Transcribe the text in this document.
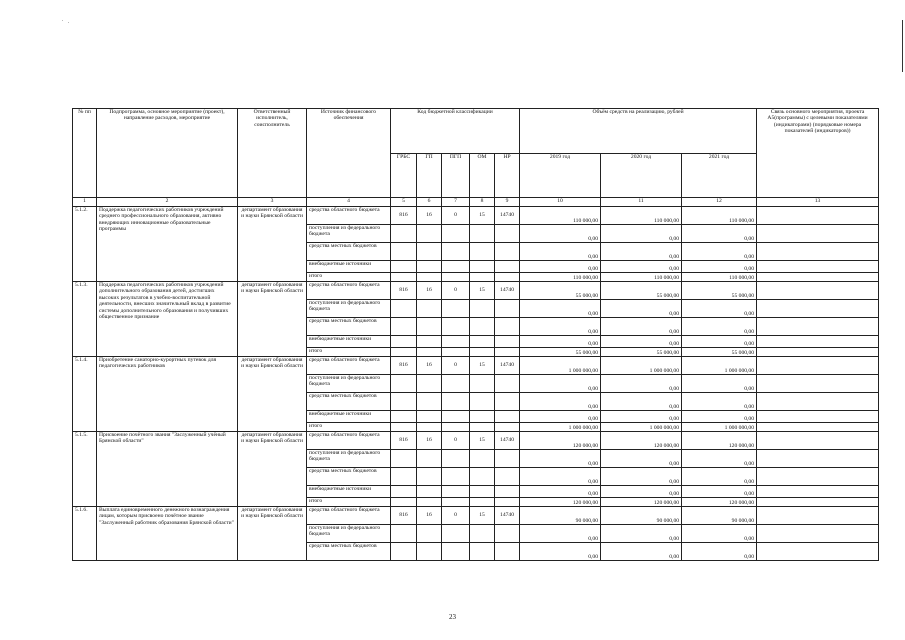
№ пп	Подпрограмма, основное мероприятие (проект), направление расходов, мероприятие	Ответственный исполнитель, соисполнитель	Источник финансового обеспечения	Код бюджетной классификации					Объём средств на реализацию, рублей			Связь основного мероприятия, проекта А5(программы) с целевыми показателями (индикаторами) (порядковые номера показателей (индикаторов))
				ГРБС	ГП	ПГП	ОМ	НР	2019 год	2020 год	2021 год	
1	2	3	4	5	6	7	8	9	10	11	12	13
5.1.2.	Поддержка педагогических работников учреждений среднего профессионального образования, активно внедряющих инновационные образовательные программы	департамент образования и науки Брянской области	средства областного бюджета	816	16	0	15	14740	110 000,00	110 000,00	110 000,00	
			поступления из федерального бюджета						0,00	0,00	0,00	
			средства местных бюджетов						0,00	0,00	0,00	
			внебюджетные источники						0,00	0,00	0,00	
			итого						110 000,00	110 000,00	110 000,00	
5.1.3.	Поддержка педагогических работников учреждений дополнительного образования детей, достигших высоких результатов в учебно-воспитательной деятельности, внесших значительный вклад в развитие системы дополнительного образования и получивших общественное признание	департамент образования и науки Брянской области	средства областного бюджета	816	16	0	15	14740	55 000,00	55 000,00	55 000,00	
			поступления из федерального бюджета						0,00	0,00	0,00	
			средства местных бюджетов						0,00	0,00	0,00	
			внебюджетные источники						0,00	0,00	0,00	
			итого						55 000,00	55 000,00	55 000,00	
5.1.4.	Приобретение санаторно-курортных путевок для педагогических работников	департамент образования и науки Брянской области	средства областного бюджета	816	16	0	15	14740	1 000 000,00	1 000 000,00	1 000 000,00	
			поступления из федерального бюджета						0,00	0,00	0,00	
			средства местных бюджетов						0,00	0,00	0,00	
			внебюджетные источники						0,00	0,00	0,00	
			итого						1 000 000,00	1 000 000,00	1 000 000,00	
5.1.5.	Присвоение почётного звания "Заслуженный учёный Брянской области"	департамент образования и науки Брянской области	средства областного бюджета	816	16	0	15	14740	120 000,00	120 000,00	120 000,00	
			поступления из федерального бюджета						0,00	0,00	0,00	
			средства местных бюджетов						0,00	0,00	0,00	
			внебюджетные источники						0,00	0,00	0,00	
			итого						120 000,00	120 000,00	120 000,00	
5.1.6.	Выплата единовременного денежного вознаграждения лицам, которым присвоено почётное звание "Заслуженный работник образования Брянской области"	департамент образования и науки Брянской области	средства областного бюджета	816	16	0	15	14740	90 000,00	90 000,00	90 000,00	
			поступления из федерального бюджета						0,00	0,00	0,00	
			средства местных бюджетов						0,00	0,00	0,00	
23
